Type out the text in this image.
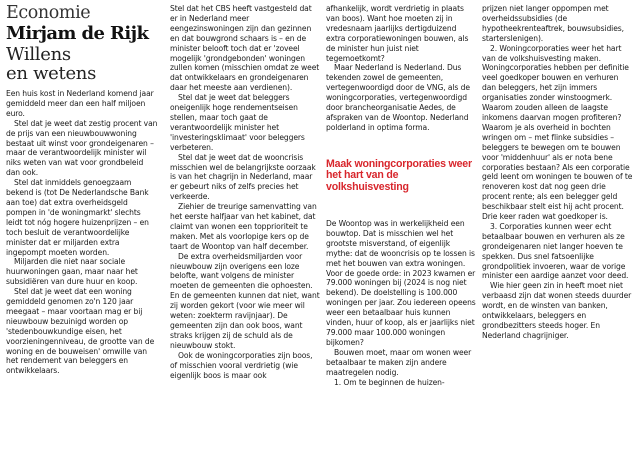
Economie
Mirjam de Rijk
Willens
en wetens

Een huis kost in Nederland komend jaar gemiddeld meer dan een half miljoen euro.

Stel dat je weet dat zestig procent van de prijs van een nieuwbouwwoning bestaat uit winst voor grondeigenaren – maar de verantwoordelijk minister wil niks weten van wat voor grondbeleid dan ook.

Stel dat inmiddels genoegzaam bekend is (tot De Nederlandsche Bank aan toe) dat extra overheidsgeld pompen in 'de woningmarkt' slechts leidt tot nóg hogere huizenprijzen – en toch besluit de verantwoordelijke minister dat er miljarden extra ingepompt moeten worden.

Miljarden die niet naar sociale huurwoningen gaan, maar naar het subsidiëren van dure huur en koop.

Stel dat je weet dat een woning gemiddeld genomen zo'n 120 jaar meegaat – maar voortaan mag er bij nieuwbouw bezuinigd worden op 'stedenbouwkundige eisen, het voorzieningenniveau, de grootte van de woning en de bouweisen' omwille van het rendement van beleggers en ontwikkelaars.

Stel dat het CBS heeft vastgesteld dat er in Nederland meer eengezinswoningen zijn dan gezinnen en dat bouwgrond schaars is – en de minister belooft toch dat er 'zoveel mogelijk 'grondgebonden' woningen zullen komen (misschien omdat ze weet dat ontwikkelaars en grondeigenaren daar het meeste aan verdienen).

Stel dat je weet dat beleggers oneigenlijk hoge rendementseisen stellen, maar toch gaat de verantwoordelijk minister het 'investeringsklimaat' voor beleggers verbeteren.

Stel dat je weet dat de wooncrisis misschien wel de belangrijkste oorzaak is van het chagrijn in Nederland, maar er gebeurt niks of zelfs precies het verkeerde.

Ziehier de treurige samenvatting van het eerste halfjaar van het kabinet, dat claimt van wonen een topprioriteit te maken. Met als voorlopige kers op de taart de Woontop van half december.

De extra overheidsmiljarden voor nieuwbouw zijn overigens een loze belofte, want volgens de minister moeten de gemeenten die ophoesten. En de gemeenten kunnen dat niet, want zij worden gekort (voor wie meer wil weten: zoekterm ravijnjaar). De gemeenten zijn dan ook boos, want straks krijgen zij de schuld als de nieuwbouw stokt.

Ook de woningcorporaties zijn boos, of misschien vooral verdrietig (wie eigenlijk boos is maar ook

afhankelijk, wordt verdrietig in plaats van boos). Want hoe moeten zij in vredesnaam jaarlijks dertigduizend extra corporatiewoningen bouwen, als de minister hun juist niet tegemoetkomt?

Maar Nederland is Nederland. Dus tekenden zowel de gemeenten, vertegenwoordigd door de VNG, als de woningcorporaties, vertegenwoordigd door brancheorganisatie Aedes, de afspraken van de Woontop. Nederland polderland in optima forma.

Maak woningcorporaties weer het hart van de volkshuisvesting

De Woontop was in werkelijkheid een bouwtop. Dat is misschien wel het grootste misverstand, of eigenlijk mythe: dat de wooncrisis op te lossen is met het bouwen van extra woningen. Voor de goede orde: in 2023 kwamen er 79.000 woningen bij (2024 is nog niet bekend). De doelstelling is 100.000 woningen per jaar. Zou iedereen opeens weer een betaalbaar huis kunnen vinden, huur of koop, als er jaarlijks niet 79.000 maar 100.000 woningen bijkomen?

Bouwen moet, maar om wonen weer betaalbaar te maken zijn andere maatregelen nodig.

1. Om te beginnen de huizen-

prijzen niet langer oppompen met overheidssubsidies (de hypotheekrenteaftrek, bouwsubsidies, starterslenigen).

2. Woningcorporaties weer het hart van de volkshuisvesting maken. Woningcorporaties hebben per definitie veel goedkoper bouwen en verhuren dan beleggers, het zijn immers organisaties zonder winstoogmerk. Waarom zouden alleen de laagste inkomens daarvan mogen profiteren? Waarom je als overheid in bochten wringen om – met flinke subsidies – beleggers te bewegen om te bouwen voor 'middenhuur' als er nota bene corporaties bestaan? Als een corporatie geld leent om woningen te bouwen of te renoveren kost dat nog geen drie procent rente; als een belegger geld beschikbaar stelt eist hij acht procent. Drie keer raden wat goedkoper is.

3. Corporaties kunnen weer echt betaalbaar bouwen en verhuren als ze grondeigenaren niet langer hoeven te spekken. Dus snel fatsoenlijke grondpolitiek invoeren, waar de vorige minister een aardige aanzet voor deed.

Wie hier geen zin in heeft moet niet verbaasd zijn dat wonen steeds duurder wordt, en de winsten van banken, ontwikkelaars, beleggers en grondbezitters steeds hoger. En Nederland chagrijniger.
